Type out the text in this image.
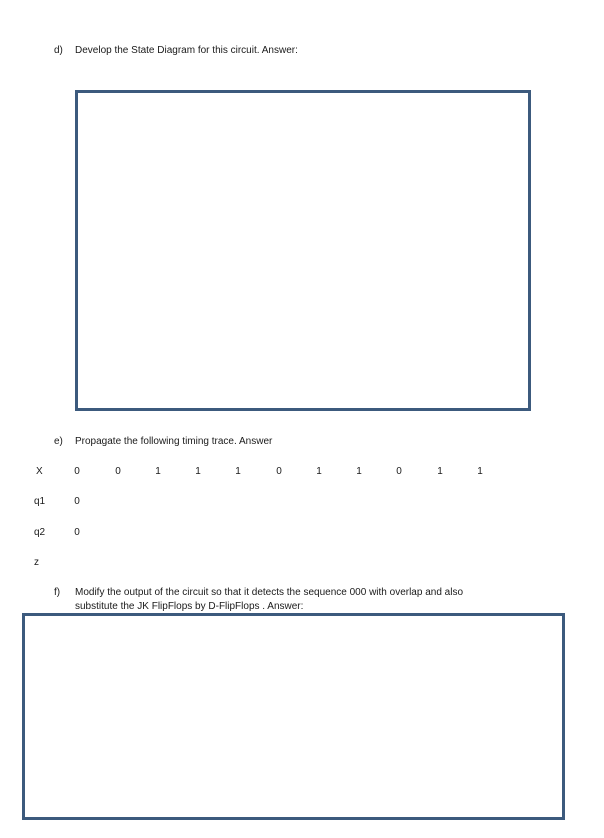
d) Develop the State Diagram for this circuit. Answer:
e) Propagate the following timing trace. Answer
X	0	0	1	1	1	0	1	1	0	1	1
q1	0
q2	0
z
f) Modify the output of the circuit so that it detects the sequence 000 with overlap and also
substitute the JK FlipFlops by D-FlipFlops . Answer:
